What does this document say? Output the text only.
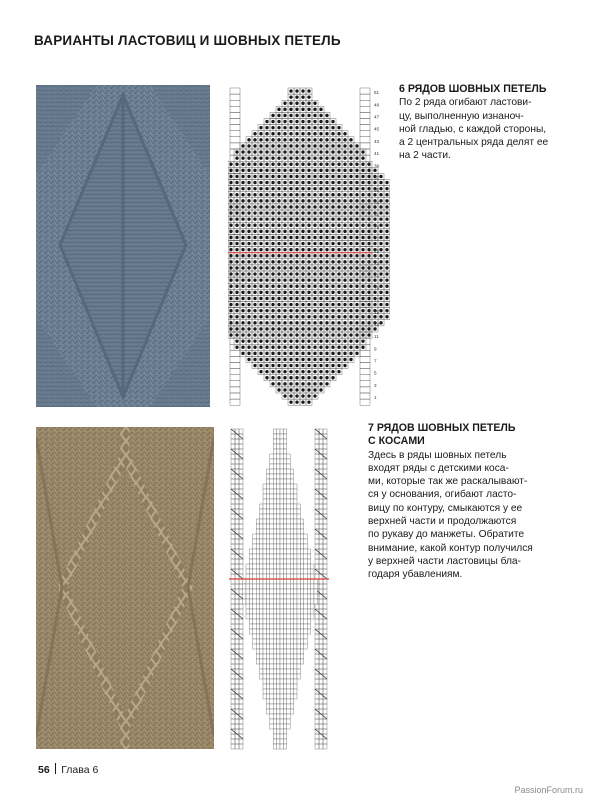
ВАРИАНТЫ ЛАСТОВИЦ И ШОВНЫХ ПЕТЕЛЬ
51
49
47
45
43
41
39
37
35
33
31
29
27
25
23
21
19
17
15
13
11
9
7
5
3
1
6 РЯДОВ ШОВНЫХ ПЕТЕЛЬ
По 2 ряда огибают ластови-
цу, выполненную изнаноч-
ной гладью, с каждой стороны,
а 2 центральных ряда делят ее
на 2 части.
7 РЯДОВ ШОВНЫХ ПЕТЕЛЬ
С КОСАМИ
Здесь в ряды шовных петель
входят ряды с детскими коса-
ми, которые так же раскалывают-
ся у основания, огибают ласто-
вицу по контуру, смыкаются у ее
верхней части и продолжаются
по рукаву до манжеты. Обратите
внимание, какой контур получился
у верхней части ластовицы бла-
годаря убавлениям.
56 Глава 6
PassionForum.ru
